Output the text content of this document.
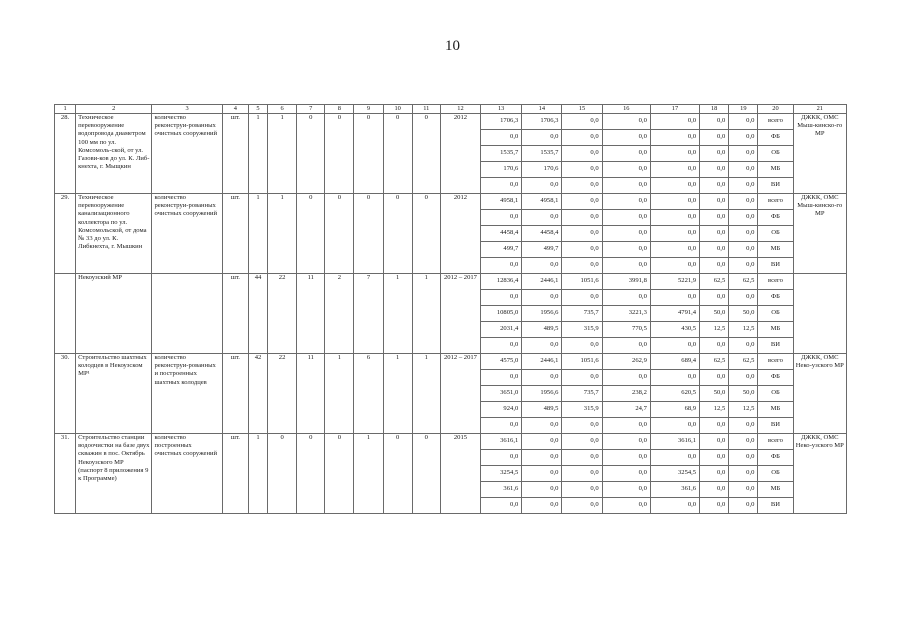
10
1	2	3	4	5	6	7	8	9	10	11	12	13	14	15	16	17	18	19	20	21
28.	Техническое перевооружение водопровода диаметром 100 мм по ул. Комсомоль-ской, от ул. Газови-ков до ул. К. Либ-кнехта, г. Мыщкин	количество реконструи-рованных очистных сооружений	шт.	1	1	0	0	0	0	0	2012	1706,3	1706,3	0,0	0,0	0,0	0,0	0,0	всего	ДЖКК, ОМС Мыш-кинско-го МР
												0,0	0,0	0,0	0,0	0,0	0,0	0,0	ФБ	
												1535,7	1535,7	0,0	0,0	0,0	0,0	0,0	ОБ	
												170,6	170,6	0,0	0,0	0,0	0,0	0,0	МБ	
												0,0	0,0	0,0	0,0	0,0	0,0	0,0	ВИ	
29.	Техническое перевооружение канализационного коллектора по ул. Комсомольской, от дома № 33 до ул. К. Либкнехта, г. Мышкин	количество реконструи-рованных очистных сооружений	шт.	1	1	0	0	0	0	0	2012	4958,1	4958,1	0,0	0,0	0,0	0,0	0,0	всего	ДЖКК, ОМС Мыш-кинско-го МР
												0,0	0,0	0,0	0,0	0,0	0,0	0,0	ФБ	
												4458,4	4458,4	0,0	0,0	0,0	0,0	0,0	ОБ	
												499,7	499,7	0,0	0,0	0,0	0,0	0,0	МБ	
												0,0	0,0	0,0	0,0	0,0	0,0	0,0	ВИ	
	Некоузский МР		шт.	44	22	11	2	7	1	1	2012 – 2017	12836,4	2446,1	1051,6	3991,8	5221,9	62,5	62,5	всего	
												0,0	0,0	0,0	0,0	0,0	0,0	0,0	ФБ	
												10805,0	1956,6	735,7	3221,3	4791,4	50,0	50,0	ОБ	
												2031,4	489,5	315,9	770,5	430,5	12,5	12,5	МБ	
												0,0	0,0	0,0	0,0	0,0	0,0	0,0	ВИ	
30.	Строительство шахтных колодцев в Некоузском МР¹	количество реконструи-рованных и построенных шахтных колодцев	шт.	42	22	11	1	6	1	1	2012 – 2017	4575,0	2446,1	1051,6	262,9	689,4	62,5	62,5	всего	ДЖКК, ОМС Неко-узского МР
												0,0	0,0	0,0	0,0	0,0	0,0	0,0	ФБ	
												3651,0	1956,6	735,7	238,2	620,5	50,0	50,0	ОБ	
												924,0	489,5	315,9	24,7	68,9	12,5	12,5	МБ	
												0,0	0,0	0,0	0,0	0,0	0,0	0,0	ВИ	
31.	Строительство станции водоочистки на базе двух скважин в пос. Октябрь Некоузского МР (паспорт 8 приложения 9 к Программе)	количество построенных очистных сооружений	шт.	1	0	0	0	1	0	0	2015	3616,1	0,0	0,0	0,0	3616,1	0,0	0,0	всего	ДЖКК, ОМС Неко-узского МР
												0,0	0,0	0,0	0,0	0,0	0,0	0,0	ФБ	
												3254,5	0,0	0,0	0,0	3254,5	0,0	0,0	ОБ	
												361,6	0,0	0,0	0,0	361,6	0,0	0,0	МБ	
												0,0	0,0	0,0	0,0	0,0	0,0	0,0	ВИ	
